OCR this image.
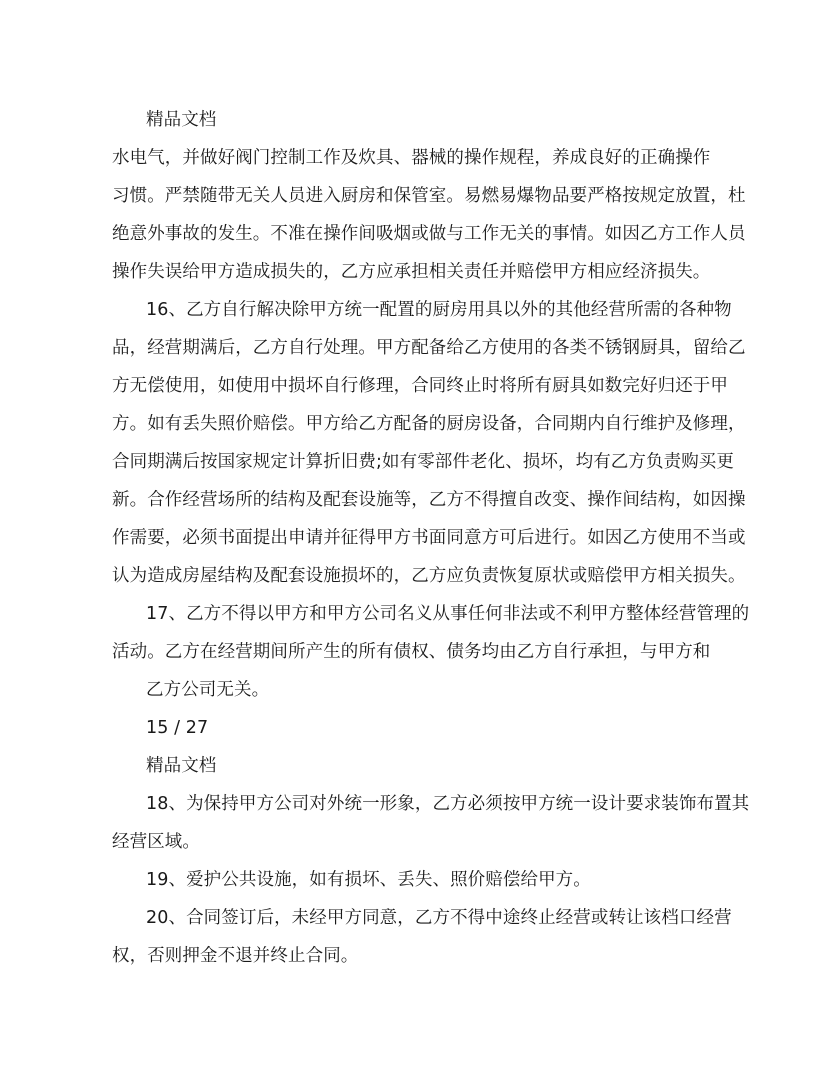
精品文档
水电气，并做好阀门控制工作及炊具、器械的操作规程，养成良好的正确操作
习惯。严禁随带无关人员进入厨房和保管室。易燃易爆物品要严格按规定放置，杜
绝意外事故的发生。不准在操作间吸烟或做与工作无关的事情。如因乙方工作人员
操作失误给甲方造成损失的，乙方应承担相关责任并赔偿甲方相应经济损失。
16、乙方自行解决除甲方统一配置的厨房用具以外的其他经营所需的各种物
品，经营期满后，乙方自行处理。甲方配备给乙方使用的各类不锈钢厨具，留给乙
方无偿使用，如使用中损坏自行修理，合同终止时将所有厨具如数完好归还于甲
方。如有丢失照价赔偿。甲方给乙方配备的厨房设备，合同期内自行维护及修理，
合同期满后按国家规定计算折旧费;如有零部件老化、损坏，均有乙方负责购买更
新。合作经营场所的结构及配套设施等，乙方不得擅自改变、操作间结构，如因操
作需要，必须书面提出申请并征得甲方书面同意方可后进行。如因乙方使用不当或
认为造成房屋结构及配套设施损坏的，乙方应负责恢复原状或赔偿甲方相关损失。
17、乙方不得以甲方和甲方公司名义从事任何非法或不利甲方整体经营管理的
活动。乙方在经营期间所产生的所有债权、债务均由乙方自行承担，与甲方和
乙方公司无关。
15 / 27
精品文档
18、为保持甲方公司对外统一形象，乙方必须按甲方统一设计要求装饰布置其
经营区域。
19、爱护公共设施，如有损坏、丢失、照价赔偿给甲方。
20、合同签订后，未经甲方同意，乙方不得中途终止经营或转让该档口经营
权，否则押金不退并终止合同。
